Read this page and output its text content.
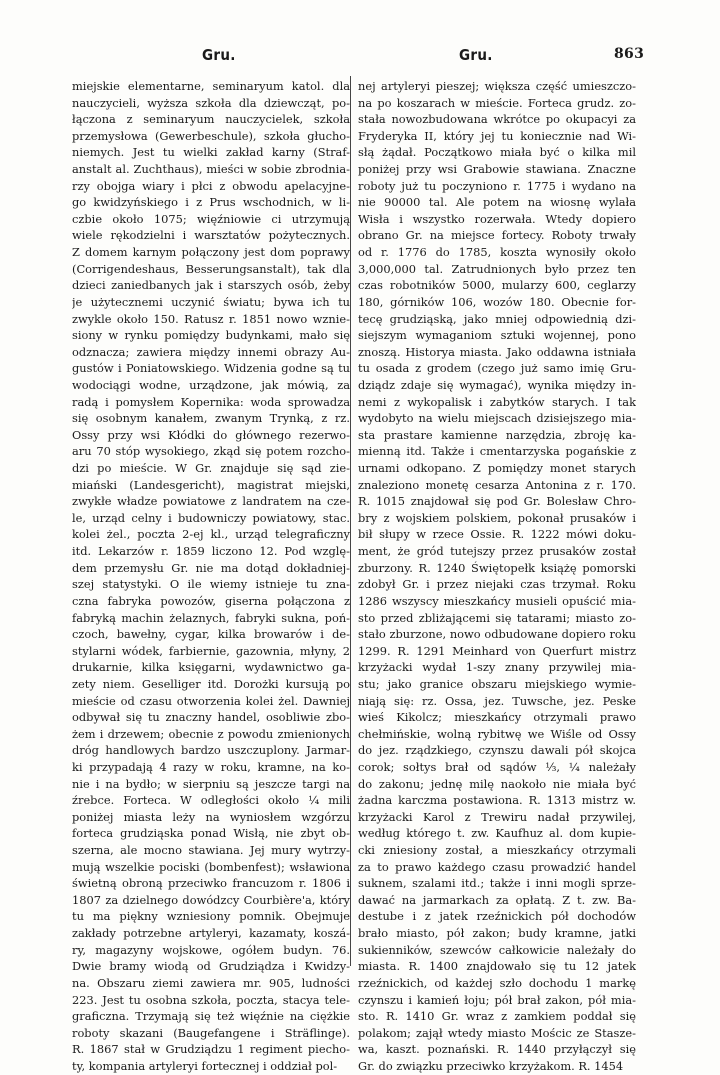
Gru.	Gru.	863
miejskie elementarne, seminaryum katol. dla
nauczycieli, wyższa szkoła dla dziewcząt, po-
łączona z seminaryum nauczycielek, szkoła
przemysłowa (Gewerbeschule), szkoła głucho-
niemych. Jest tu wielki zakład karny (Straf-
anstalt al. Zuchthaus), mieści w sobie zbrodnia-
rzy obojga wiary i płci z obwodu apelacyjne-
go kwidzyńskiego i z Prus wschodnich, w li-
czbie około 1075; więźniowie ci utrzymują
wiele rękodzielni i warsztatów pożytecznych.
Z domem karnym połączony jest dom poprawy
(Corrigendeshaus, Besserungsanstalt), tak dla
dzieci zaniedbanych jak i starszych osób, żeby
je użytecznemi uczynić światu; bywa ich tu
zwykle około 150. Ratusz r. 1851 nowo wznie-
siony w rynku pomiędzy budynkami, mało się
odznacza; zawiera między innemi obrazy Au-
gustów i Poniatowskiego. Widzenia godne są tu
wodociągi wodne, urządzone, jak mówią, za
radą i pomysłem Kopernika: woda sprowadza
się osobnym kanałem, zwanym Trynką, z rz.
Ossy przy wsi Kłódki do głównego rezerwo-
aru 70 stóp wysokiego, zkąd się potem rozcho-
dzi po mieście. W Gr. znajduje się sąd zie-
miański (Landesgericht), magistrat miejski,
zwykłe władze powiatowe z landratem na cze-
le, urząd celny i budowniczy powiatowy, stac.
kolei żel., poczta 2-ej kl., urząd telegraficzny
itd. Lekarzów r. 1859 liczono 12. Pod wzglę-
dem przemysłu Gr. nie ma dotąd dokładniej-
szej statystyki. O ile wiemy istnieje tu zna-
czna fabryka powozów, giserna połączona z
fabryką machin żelaznych, fabryki sukna, poń-
czoch, bawełny, cygar, kilka browarów i de-
stylarni wódek, farbiernie, gazownia, młyny, 2
drukarnie, kilka księgarni, wydawnictwo ga-
zety niem. Geselliger itd. Dorożki kursują po
mieście od czasu otworzenia kolei żel. Dawniej
odbywał się tu znaczny handel, osobliwie zbo-
żem i drzewem; obecnie z powodu zmienionych
dróg handlowych bardzo uszczuplony. Jarmar-
ki przypadają 4 razy w roku, kramne, na ko-
nie i na bydło; w sierpniu są jeszcze targi na
źrebce. Forteca. W odległości około ¼ mili
poniżej miasta leży na wyniosłem wzgórzu
forteca grudziąska ponad Wisłą, nie zbyt ob-
szerna, ale mocno stawiana. Jej mury wytrzy-
mują wszelkie pociski (bombenfest); wsławiona
świetną obroną przeciwko francuzom r. 1806 i
1807 za dzielnego dowódzcy Courbière'a, który
tu ma piękny wzniesiony pomnik. Obejmuje
zakłady potrzebne artyleryi, kazamaty, koszá-
ry, magazyny wojskowe, ogółem budyn. 76.
Dwie bramy wiodą od Grudziądza i Kwidzy-
na. Obszaru ziemi zawiera mr. 905, ludności
223. Jest tu osobna szkoła, poczta, stacya tele-
graficzna. Trzymają się też więźnie na ciężkie
roboty skazani (Baugefangene i Sträflinge).
R. 1867 stał w Grudziądzu 1 regiment piecho-
ty, kompania artyleryi fortecznej i oddział pol-
nej artyleryi pieszej; większa część umieszczo-
na po koszarach w mieście. Forteca grudz. zo-
stała nowozbudowana wkrótce po okupacyi za
Fryderyka II, który jej tu koniecznie nad Wi-
słą żądał. Początkowo miała być o kilka mil
poniżej przy wsi Grabowie stawiana. Znaczne
roboty już tu poczyniono r. 1775 i wydano na
nie 90000 tal. Ale potem na wiosnę wylała
Wisła i wszystko rozerwała. Wtedy dopiero
obrano Gr. na miejsce fortecy. Roboty trwały
od r. 1776 do 1785, koszta wynosiły około
3,000,000 tal. Zatrudnionych było przez ten
czas robotników 5000, mularzy 600, ceglarzy
180, górników 106, wozów 180. Obecnie for-
tecę grudziąską, jako mniej odpowiednią dzi-
siejszym wymaganiom sztuki wojennej, pono
znoszą. Historya miasta. Jako oddawna istniała
tu osada z grodem (czego już samo imię Gru-
dziądz zdaje się wymagać), wynika między in-
nemi z wykopalisk i zabytków starych. I tak
wydobyto na wielu miejscach dzisiejszego mia-
sta prastare kamienne narzędzia, zbroję ka-
mienną itd. Także i cmentarzyska pogańskie z
urnami odkopano. Z pomiędzy monet starych
znaleziono monetę cesarza Antonina z r. 170.
R. 1015 znajdował się pod Gr. Bolesław Chro-
bry z wojskiem polskiem, pokonał prusaków i
bił słupy w rzece Ossie. R. 1222 mówi doku-
ment, że gród tutejszy przez prusaków został
zburzony. R. 1240 Świętopełk książę pomorski
zdobył Gr. i przez niejaki czas trzymał. Roku
1286 wszyscy mieszkańcy musieli opuścić mia-
sto przed zbliżającemi się tatarami; miasto zo-
stało zburzone, nowo odbudowane dopiero roku
1299. R. 1291 Meinhard von Querfurt mistrz
krzyżacki wydał 1-szy znany przywilej mia-
stu; jako granice obszaru miejskiego wymie-
niają się: rz. Ossa, jez. Tuwsche, jez. Peske
wieś Kikolcz; mieszkańcy otrzymali prawo
chełmińskie, wolną rybitwę we Wiśle od Ossy
do jez. rządzkiego, czynszu dawali pół skojca
corok; sołtys brał od sądów ⅓, ¼ należały
do zakonu; jednę milę naokoło nie miała być
żadna karczma postawiona. R. 1313 mistrz w.
krzyżacki Karol z Trewiru nadał przywilej,
według którego t. zw. Kaufhuz al. dom kupie-
cki zniesiony został, a mieszkańcy otrzymali
za to prawo każdego czasu prowadzić handel
suknem, szalami itd.; także i inni mogli sprze-
dawać na jarmarkach za opłatą. Z t. zw. Ba-
destube i z jatek rzeźnickich pół dochodów
brało miasto, pół zakon; budy kramne, jatki
sukienników, szewców całkowicie należały do
miasta. R. 1400 znajdowało się tu 12 jatek
rzeźnickich, od każdej szło dochodu 1 markę
czynszu i kamień łoju; pół brał zakon, pół mia-
sto. R. 1410 Gr. wraz z zamkiem poddał się
polakom; zajął wtedy miasto Mościc ze Stasze-
wa, kaszt. poznański. R. 1440 przyłączył się
Gr. do związku przeciwko krzyżakom. R. 1454
